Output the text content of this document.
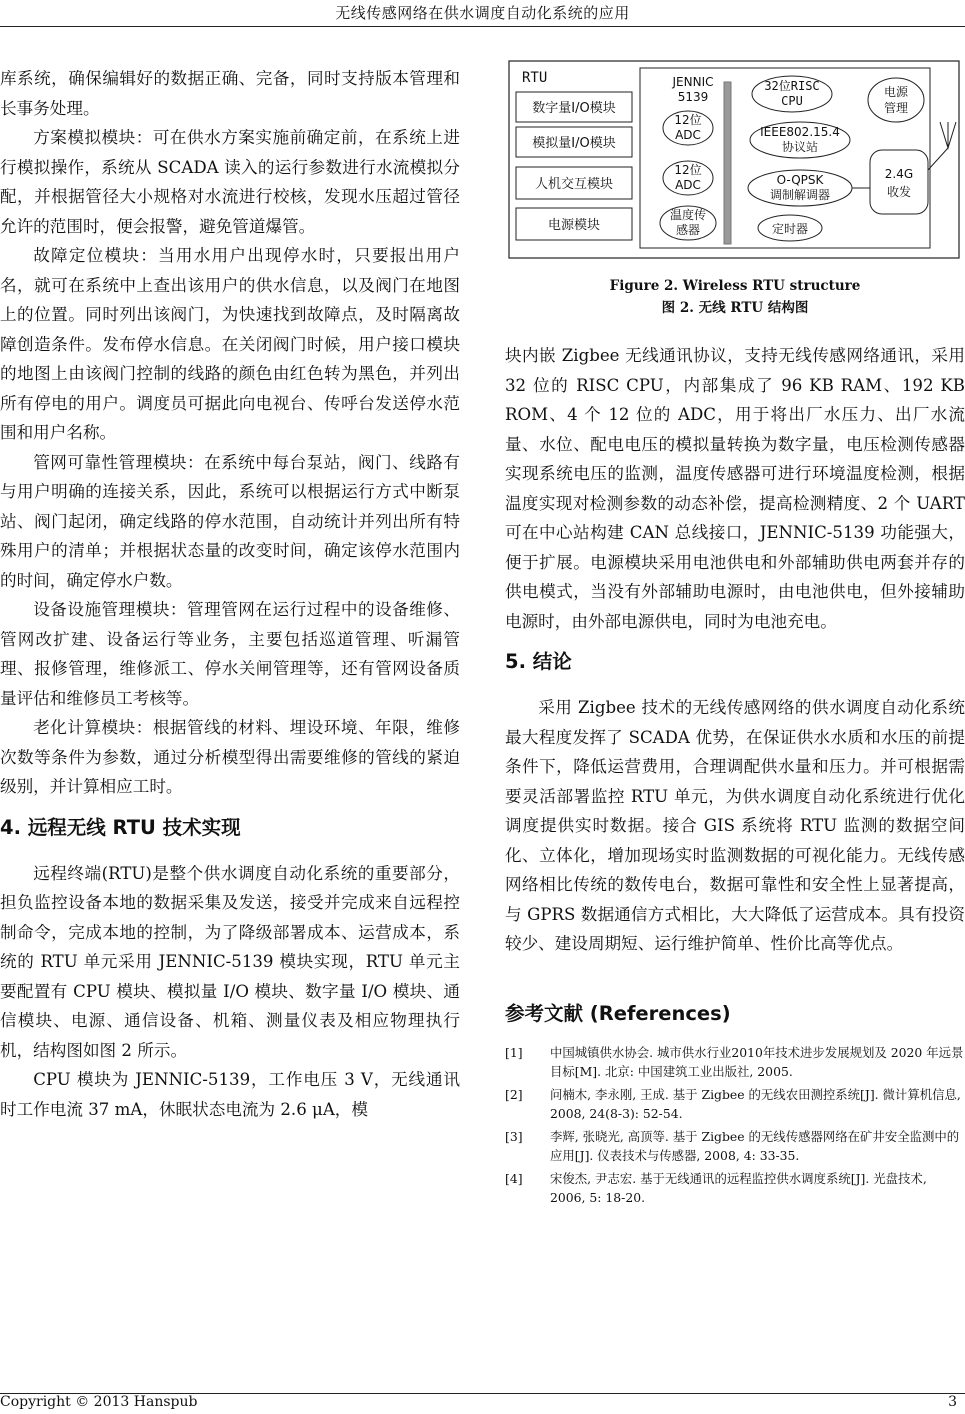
无线传感网络在供水调度自动化系统的应用

库系统，确保编辑好的数据正确、完备，同时支持版本管理和长事务处理。

方案模拟模块：可在供水方案实施前确定前，在系统上进行模拟操作，系统从 SCADA 读入的运行参数进行水流模拟分配，并根据管径大小规格对水流进行校核，发现水压超过管径允许的范围时，便会报警，避免管道爆管。

故障定位模块：当用水用户出现停水时，只要报出用户名，就可在系统中上查出该用户的供水信息，以及阀门在地图上的位置。同时列出该阀门，为快速找到故障点，及时隔离故障创造条件。发布停水信息。在关闭阀门时候，用户接口模块的地图上由该阀门控制的线路的颜色由红色转为黑色，并列出所有停电的用户。调度员可据此向电视台、传呼台发送停水范围和用户名称。

管网可靠性管理模块：在系统中每台泵站，阀门、线路有与用户明确的连接关系，因此，系统可以根据运行方式中断泵站、阀门起闭，确定线路的停水范围，自动统计并列出所有特殊用户的清单；并根据状态量的改变时间，确定该停水范围内的时间，确定停水户数。

设备设施管理模块：管理管网在运行过程中的设备维修、管网改扩建、设备运行等业务，主要包括巡道管理、听漏管理、报修管理，维修派工、停水关闸管理等，还有管网设备质量评估和维修员工考核等。

老化计算模块：根据管线的材料、埋设环境、年限，维修次数等条件为参数，通过分析模型得出需要维修的管线的紧迫级别，并计算相应工时。

4. 远程无线 RTU 技术实现

远程终端(RTU)是整个供水调度自动化系统的重要部分，担负监控设备本地的数据采集及发送，接受并完成来自远程控制命令，完成本地的控制，为了降级部署成本、运营成本，系统的 RTU 单元采用 JENNIC-5139 模块实现，RTU 单元主要配置有 CPU 模块、模拟量 I/O 模块、数字量 I/O 模块、通信模块、电源、通信设备、机箱、测量仪表及相应物理执行机，结构图如图 2 所示。

CPU 模块为 JENNIC-5139，工作电压 3 V，无线通讯时工作电流 37 mA，休眠状态电流为 2.6 μA，模

RTU
数字量I/O模块
模拟量I/O模块
人机交互模块
电源模块
JENNIC
5139
12位
ADC
12位
ADC
温度传
感器
32位RISC
CPU
IEEE802.15.4
协议站
O-QPSK
调制解调器
定时器
电源
管理
2.4G
收发
Figure 2. Wireless RTU structure
图 2. 无线 RTU 结构图

块内嵌 Zigbee 无线通讯协议，支持无线传感网络通讯，采用 32 位的 RISC CPU，内部集成了 96 KB RAM、192 KB ROM、4 个 12 位的 ADC，用于将出厂水压力、出厂水流量、水位、配电电压的模拟量转换为数字量，电压检测传感器实现系统电压的监测，温度传感器可进行环境温度检测，根据温度实现对检测参数的动态补偿，提高检测精度、2 个 UART 可在中心站构建 CAN 总线接口，JENNIC-5139 功能强大，便于扩展。电源模块采用电池供电和外部辅助供电两套并存的供电模式，当没有外部辅助电源时，由电池供电，但外接辅助电源时，由外部电源供电，同时为电池充电。

5. 结论

采用 Zigbee 技术的无线传感网络的供水调度自动化系统最大程度发挥了 SCADA 优势，在保证供水水质和水压的前提条件下，降低运营费用，合理调配供水量和压力。并可根据需要灵活部署监控 RTU 单元，为供水调度自动化系统进行优化调度提供实时数据。接合 GIS 系统将 RTU 监测的数据空间化、立体化，增加现场实时监测数据的可视化能力。无线传感网络相比传统的数传电台，数据可靠性和安全性上显著提高，与 GPRS 数据通信方式相比，大大降低了运营成本。具有投资较少、建设周期短、运行维护简单、性价比高等优点。

参考文献 (References)
[1]	中国城镇供水协会. 城市供水行业2010年技术进步发展规划及 2020 年远景目标[M]. 北京: 中国建筑工业出版社, 2005.
[2]	问楠木, 李永刚, 王成. 基于 Zigbee 的无线农田测控系统[J]. 微计算机信息, 2008, 24(8-3): 52-54.
[3]	李辉, 张晓光, 高顶等. 基于 Zigbee 的无线传感器网络在矿井安全监测中的应用[J]. 仪表技术与传感器, 2008, 4: 33-35.
[4]	宋俊杰, 尹志宏. 基于无线通讯的远程监控供水调度系统[J]. 光盘技术, 2006, 5: 18-20.
Copyright © 2013 Hanspub	3
